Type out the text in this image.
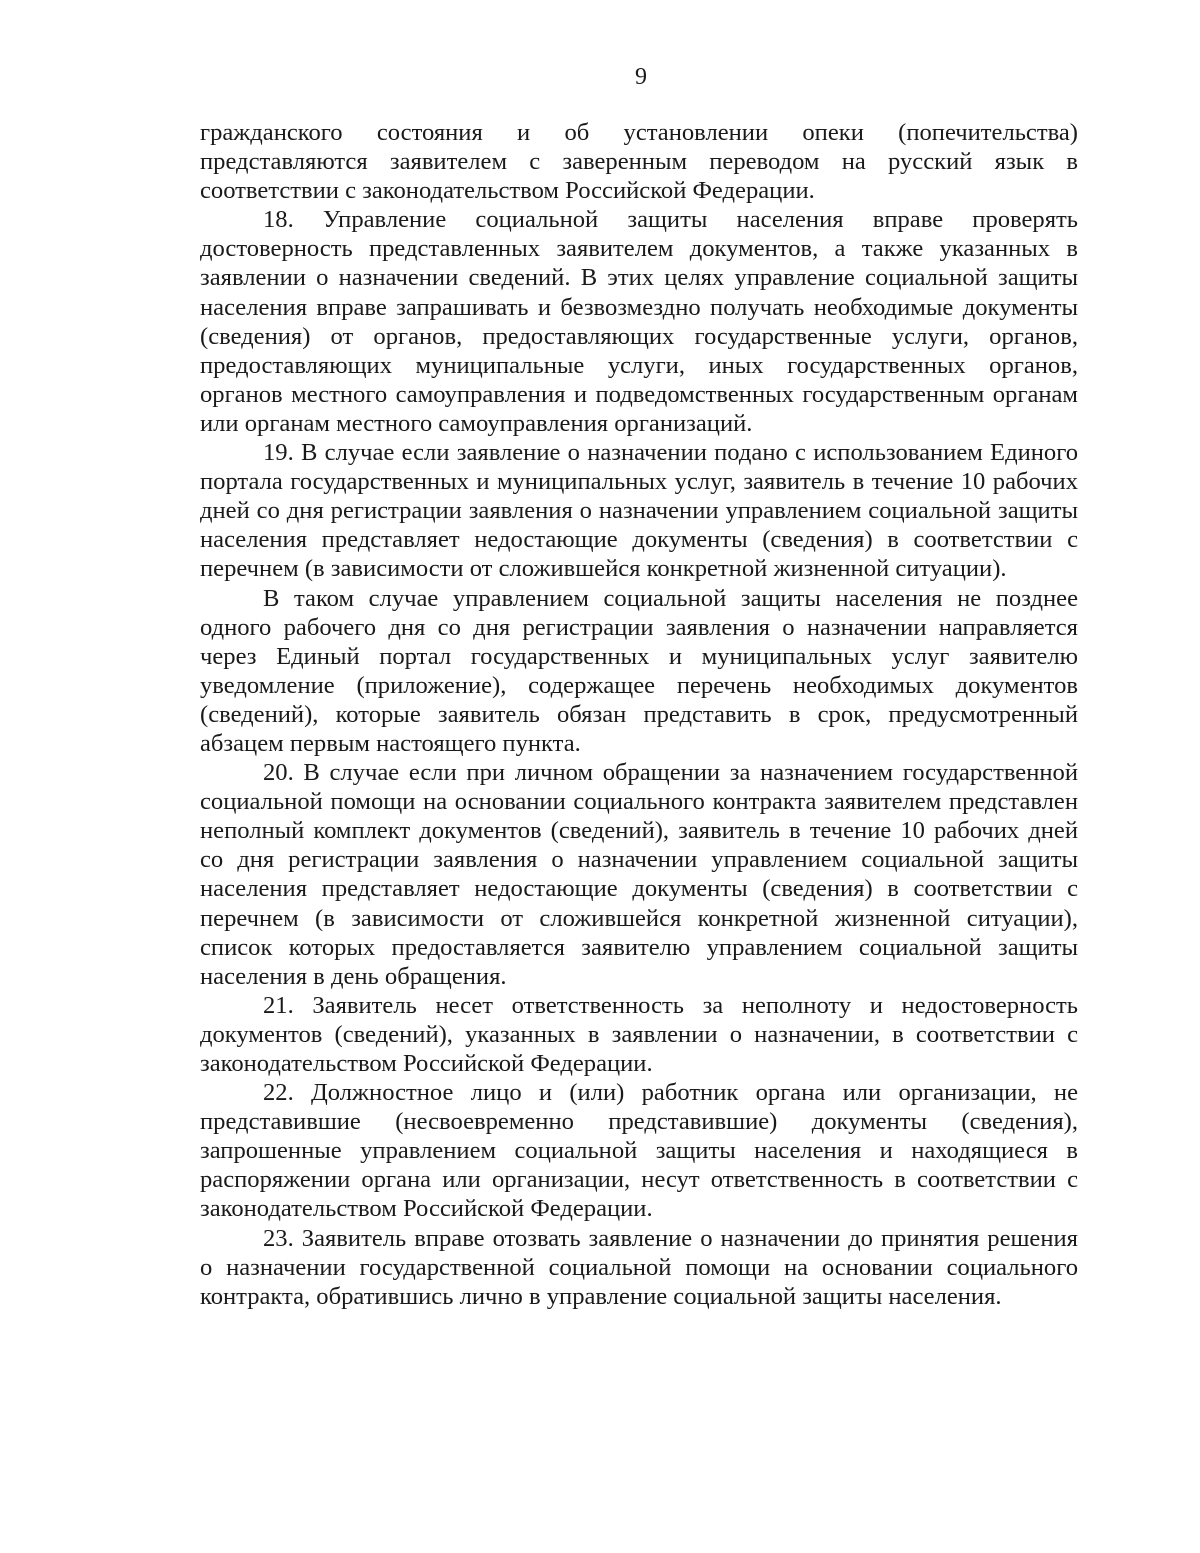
9

гражданского состояния и об установлении опеки (попечительства) представляются заявителем с заверенным переводом на русский язык в соответствии с законодательством Российской Федерации.

18. Управление социальной защиты населения вправе проверять достоверность представленных заявителем документов, а также указанных в заявлении о назначении сведений. В этих целях управление социальной защиты населения вправе запрашивать и безвозмездно получать необходимые документы (сведения) от органов, предоставляющих государственные услуги, органов, предоставляющих муниципальные услуги, иных государственных органов, органов местного самоуправления и подведомственных государственным органам или органам местного самоуправления организаций.

19. В случае если заявление о назначении подано с использованием Единого портала государственных и муниципальных услуг, заявитель в течение 10 рабочих дней со дня регистрации заявления о назначении управлением социальной защиты населения представляет недостающие документы (сведения) в соответствии с перечнем (в зависимости от сложившейся конкретной жизненной ситуации).

В таком случае управлением социальной защиты населения не позднее одного рабочего дня со дня регистрации заявления о назначении направляется через Единый портал государственных и муниципальных услуг заявителю уведомление (приложение), содержащее перечень необходимых документов (сведений), которые заявитель обязан представить в срок, предусмотренный абзацем первым настоящего пункта.

20. В случае если при личном обращении за назначением государственной социальной помощи на основании социального контракта заявителем представлен неполный комплект документов (сведений), заявитель в течение 10 рабочих дней со дня регистрации заявления о назначении управлением социальной защиты населения представляет недостающие документы (сведения) в соответствии с перечнем (в зависимости от сложившейся конкретной жизненной ситуации), список которых предоставляется заявителю управлением социальной защиты населения в день обращения.

21. Заявитель несет ответственность за неполноту и недостоверность документов (сведений), указанных в заявлении о назначении, в соответствии с законодательством Российской Федерации.

22. Должностное лицо и (или) работник органа или организации, не представившие (несвоевременно представившие) документы (сведения), запрошенные управлением социальной защиты населения и находящиеся в распоряжении органа или организации, несут ответственность в соответствии с законодательством Российской Федерации.

23. Заявитель вправе отозвать заявление о назначении до принятия решения о назначении государственной социальной помощи на основании социального контракта, обратившись лично в управление социальной защиты населения.
